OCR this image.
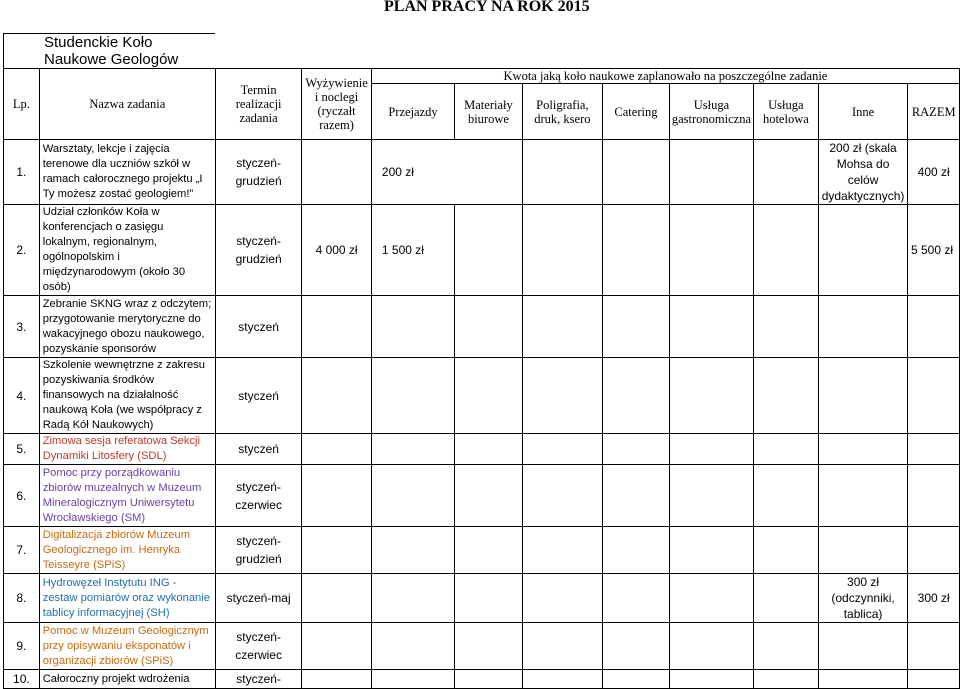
PLAN PRACY NA ROK 2015
Studenckie Koło Naukowe Geologów											
Lp.	Nazwa zadania	Termin realizacji zadania	Wyżywienie i noclegi (ryczałt razem)	Kwota jaką koło naukowe zaplanowało na poszczególne zadanie							
				Przejazdy	Materiały biurowe	Poligrafia, druk, ksero	Catering	Usługa gastronomiczna	Usługa hotelowa	Inne	RAZEM
1.	Warsztaty, lekcje i zajęcia terenowe dla uczniów szkół w ramach całorocznego projektu „I Ty możesz zostać geologiem!”	styczeń-grudzień		200 zł						200 zł (skala Mohsa do celów dydaktycznych)	400 zł
2.	Udział członków Koła w konferencjach o zasięgu lokalnym, regionalnym, ogólnopolskim i międzynarodowym (około 30 osób)	styczeń-grudzień	4 000 zł	1 500 zł							5 500 zł
3.	Zebranie SKNG wraz z odczytem; przygotowanie merytoryczne do wakacyjnego obozu naukowego, pozyskanie sponsorów	styczeń									
4.	Szkolenie wewnętrzne z zakresu pozyskiwania środków finansowych na działalność naukową Koła (we współpracy z Radą Kół Naukowych)	styczeń									
5.	Zimowa sesja referatowa Sekcji Dynamiki Litosfery (SDL)	styczeń									
6.	Pomoc przy porządkowaniu zbiorów muzealnych w Muzeum Mineralogicznym Uniwersytetu Wrocławskiego (SM)	styczeń-czerwiec									
7.	Digitalizacja zbiorów Muzeum Geologicznego im. Henryka Teisseyre (SPiS)	styczeń-grudzień									
8.	Hydrowęzeł Instytutu ING - zestaw pomiarów oraz wykonanie tablicy informacyjnej (SH)	styczeń-maj								300 zł (odczynniki, tablica)	300 zł
9.	Pomoc w Muzeum Geologicznym przy opisywaniu eksponatów i organizacji zbiorów (SPiS)	styczeń-czerwiec									
10.	Całoroczny projekt wdrożenia	styczeń-									
